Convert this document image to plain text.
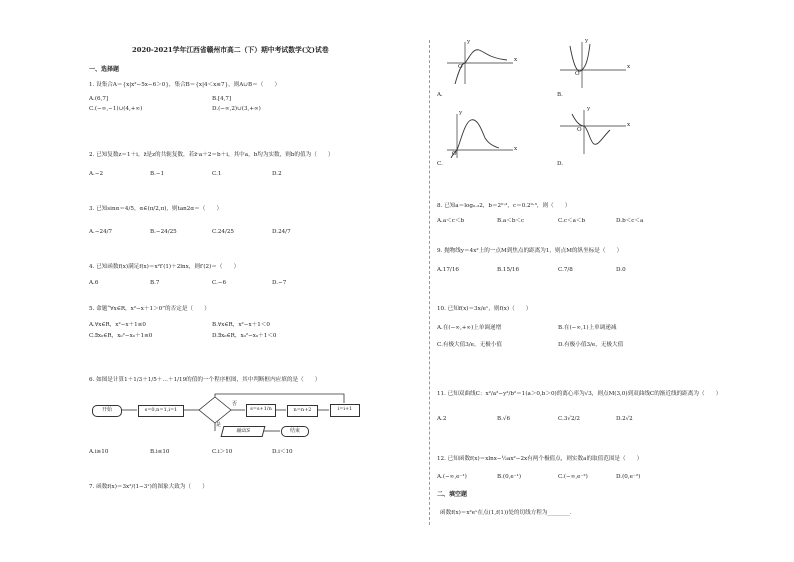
2020-2021学年江西省赣州市高二（下）期中考试数学(文)试卷
一、选择题
1. 设集合A＝{x|x²−5x−6＞0}，集合B＝{x|4＜x≤7}，则A∪B＝（　　）
A.(6,7]	B.[4,7]
C.(−∞,−1)∪(4,+∞)	D.(−∞,2)∪(3,+∞)
2. 已知复数z＝1＋i，z̄是z的共轭复数，若z̄·a＋2＝b＋i，其中a，b均为实数，则b的值为（　　）
A.−2	B.−1	C.1	D.2
3. 已知sinα＝4/5，α∈(π/2,π)，则tan2α＝（　　）
A.−24/7	B.−24/25	C.24/25	D.24/7
4. 已知函数f(x)满足f(x)＝x²f′(1)＋2lnx，则f′(2)＝（　　）
A.6	B.7	C.−6	D.−7
5. 命题“∀x∈R，x²−x＋1＞0”的否定是（　　）
A.∀x∈R，x²−x＋1≤0	B.∀x∈R，x²−x＋1＜0
C.∃x₀∈R，x₀²−x₀＋1≤0	D.∃x₀∈R，x₀²−x₀＋1＜0
6. 如图是计算1＋1/3＋1/5＋…＋1/19的值的一个程序框图，其中判断框内应填的是（　　）
开始	s=0,n=1,i=1
否
是
s=s+1/n	n=n+2	i=i+1
输出S	结束
A.i≥10	B.i≤10	C.i＞10	D.i＜10
7. 函数f(x)＝3x²/(1−3ˣ)的图象大致为（　　）
O
x
y
A.
O
x
y
B.
O
x
y
C.
O
x
y
D.
8. 已知a＝log₀.₃2，b＝2⁰·³，c＝0.2⁰·³，则（　　）
A.a＜c＜b	B.a＜b＜c	C.c＜a＜b	D.b＜c＜a
9. 抛物线y＝4x²上的一点M到焦点的距离为1，则点M的纵坐标是（　　）
A.17/16	B.15/16	C.7/8	D.0
10. 已知f(x)＝3x/eˣ，则f(x)（　　）
A.在(−∞,+∞)上单调递增	B.在(−∞,1)上单调递减
C.有极大值3/e，无极小值	D.有极小值3/e，无极大值
11. 已知双曲线C：x²/a²−y²/b²＝1(a＞0,b＞0)的离心率为√3，则点M(3,0)到双曲线C的渐近线的距离为（　　）
A.2	B.√6	C.3√2/2	D.2√2
12. 已知函数f(x)＝xlnx−½ax²−2x有两个极值点，则实数a的取值范围是（　　）
A.(−∞,e⁻¹)	B.(0,e⁻¹)	C.(−∞,e⁻²)	D.(0,e⁻²)
二、填空题
函数f(x)＝x²eˣ在点(1,f(1))处的切线方程为________.
